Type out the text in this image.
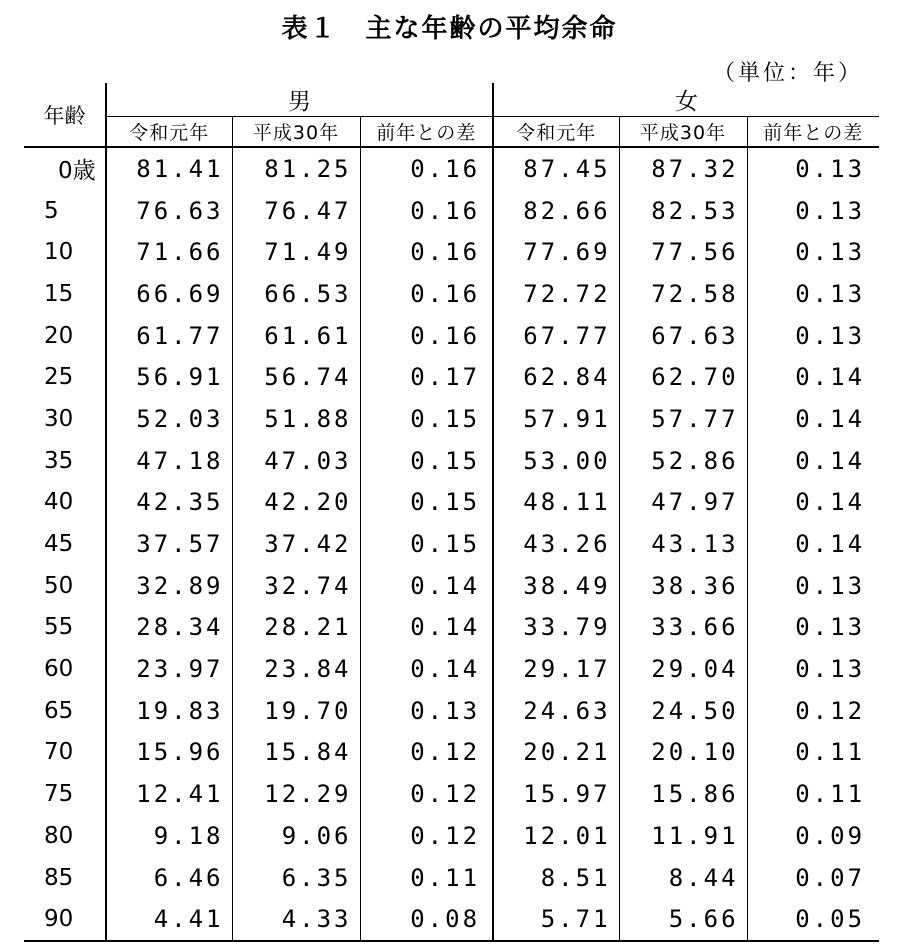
表１　主な年齢の平均余命
（単位：年）
年齢	男			女		
	令和元年	平成30年	前年との差	令和元年	平成30年	前年との差
0歳	81.41	81.25	0.16	87.45	87.32	0.13
5	76.63	76.47	0.16	82.66	82.53	0.13
10	71.66	71.49	0.16	77.69	77.56	0.13
15	66.69	66.53	0.16	72.72	72.58	0.13
20	61.77	61.61	0.16	67.77	67.63	0.13
25	56.91	56.74	0.17	62.84	62.70	0.14
30	52.03	51.88	0.15	57.91	57.77	0.14
35	47.18	47.03	0.15	53.00	52.86	0.14
40	42.35	42.20	0.15	48.11	47.97	0.14
45	37.57	37.42	0.15	43.26	43.13	0.14
50	32.89	32.74	0.14	38.49	38.36	0.13
55	28.34	28.21	0.14	33.79	33.66	0.13
60	23.97	23.84	0.14	29.17	29.04	0.13
65	19.83	19.70	0.13	24.63	24.50	0.12
70	15.96	15.84	0.12	20.21	20.10	0.11
75	12.41	12.29	0.12	15.97	15.86	0.11
80	9.18	9.06	0.12	12.01	11.91	0.09
85	6.46	6.35	0.11	8.51	8.44	0.07
90	4.41	4.33	0.08	5.71	5.66	0.05
